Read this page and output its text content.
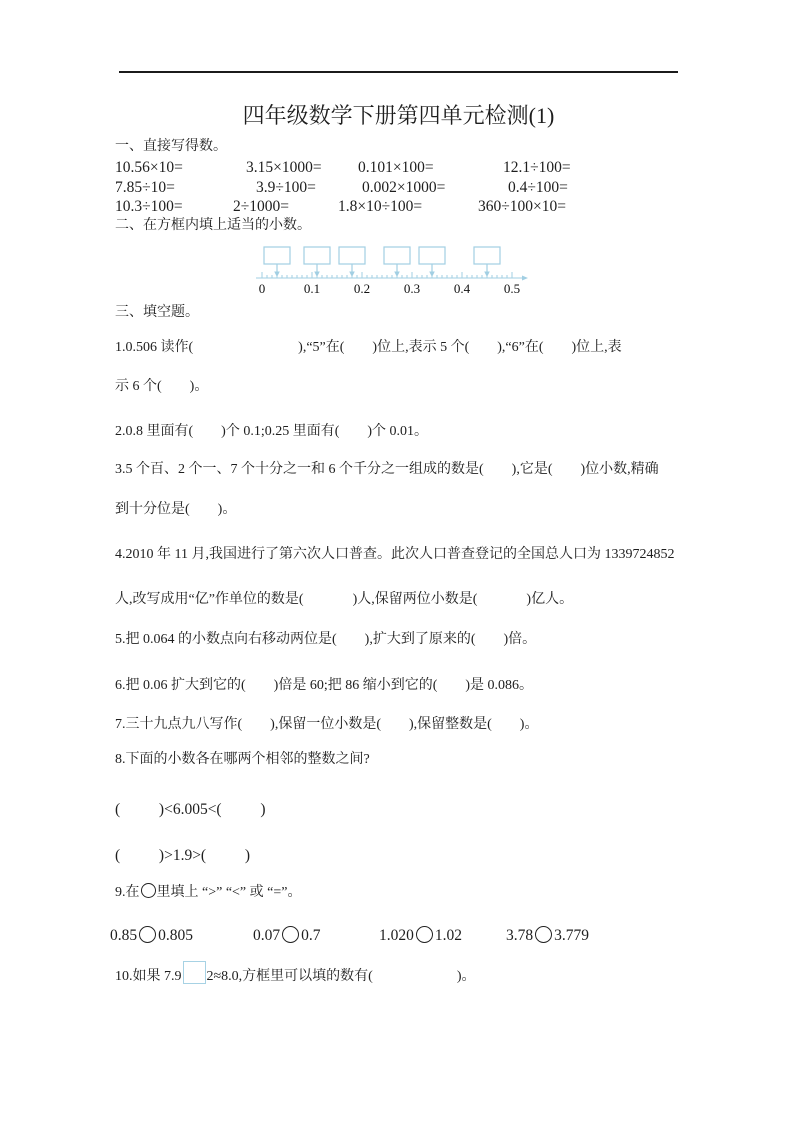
四年级数学下册第四单元检测(1)
一、直接写得数。
10.56×10=	3.15×1000= 0.101×100=	12.1÷100=
7.85÷10=	3.9÷100=	0.002×1000=	0.4÷100=
10.3÷100=	2÷1000=	1.8×10÷100=	360÷100×10=
二、在方框内填上适当的小数。
0	0.1	0.2	0.3	0.4	0.5
三、填空题。
1.0.506 读作(                              ),“5”在(        )位上,表示 5 个(        ),“6”在(        )位上,表
示 6 个(        )。
2.0.8 里面有(        )个 0.1;0.25 里面有(        )个 0.01。
3.5 个百、2 个一、7 个十分之一和 6 个千分之一组成的数是(        ),它是(        )位小数,精确
到十分位是(        )。
4.2010 年 11 月,我国进行了第六次人口普查。此次人口普查登记的全国总人口为 1339724852
人,改写成用“亿”作单位的数是(              )人,保留两位小数是(              )亿人。
5.把 0.064 的小数点向右移动两位是(        ),扩大到了原来的(        )倍。
6.把 0.06 扩大到它的(        )倍是 60;把 86 缩小到它的(        )是 0.086。
7.三十九点九八写作(        ),保留一位小数是(        ),保留整数是(        )。
8.下面的小数各在哪两个相邻的整数之间?
(          )<6.005<(          )
(          )>1.9>(          )
9.在 里填上 “>” “<” 或 “=”。
0.85 0.805	0.07 0.7	1.020 1.02	3.78 3.779
10.如果 7.9 2≈8.0,方框里可以填的数有(                        )。
